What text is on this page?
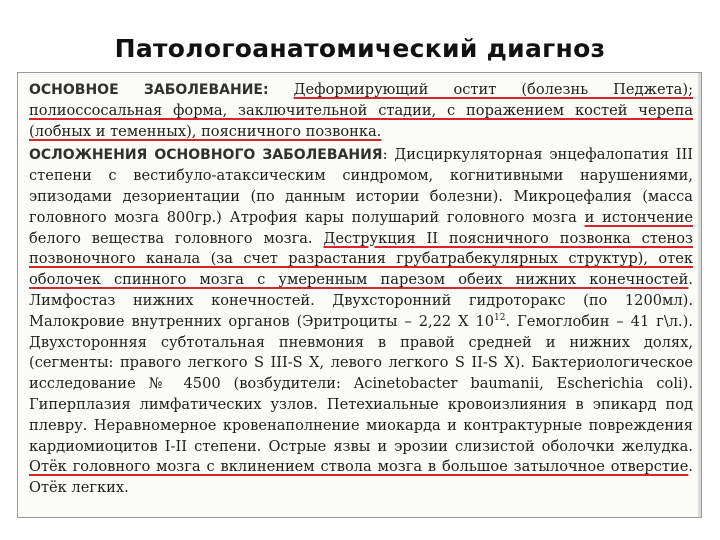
Патологоанатомический диагноз

ОСНОВНОЕ ЗАБОЛЕВАНИЕ: Деформирующий остит (болезнь Педжета); полиоссосальная форма, заключительной стадии, с поражением костей черепа (лобных и теменных), поясничного позвонка.

ОСЛОЖНЕНИЯ ОСНОВНОГО ЗАБОЛЕВАНИЯ: Дисциркуляторная энцефалопатия III степени с вестибуло-атаксическим синдромом, когнитивными нарушениями, эпизодами дезориентации (по данным истории болезни). Микроцефалия (масса головного мозга 800гр.) Атрофия кары полушарий головного мозга и истончение белого вещества головного мозга. Деструкция II поясничного позвонка стеноз позвоночного канала (за счет разрастания грубатрабекулярных структур), отек оболочек спинного мозга с умеренным парезом обеих нижних конечностей. Лимфостаз нижних конечностей. Двухсторонний гидроторакс (по 1200мл). Малокровие внутренних органов (Эритроциты – 2,22 X $10^{12}$. Гемоглобин – 41 г\л.). Двухсторонняя субтотальная пневмония в правой средней и нижних долях, (сегменты: правого легкого S III-S X, левого легкого S II-S X). Бактериологическое исследование № 4500 (возбудители: Acinetobacter baumanii, Escherichia coli). Гиперплазия лимфатических узлов. Петехиальные кровоизлияния в эпикард под плевру. Неравномерное кровенаполнение миокарда и контрактурные повреждения кардиомиоцитов I-II степени. Острые язвы и эрозии слизистой оболочки желудка. Отёк головного мозга с вклинением ствола мозга в большое затылочное отверстие. Отёк легких.
